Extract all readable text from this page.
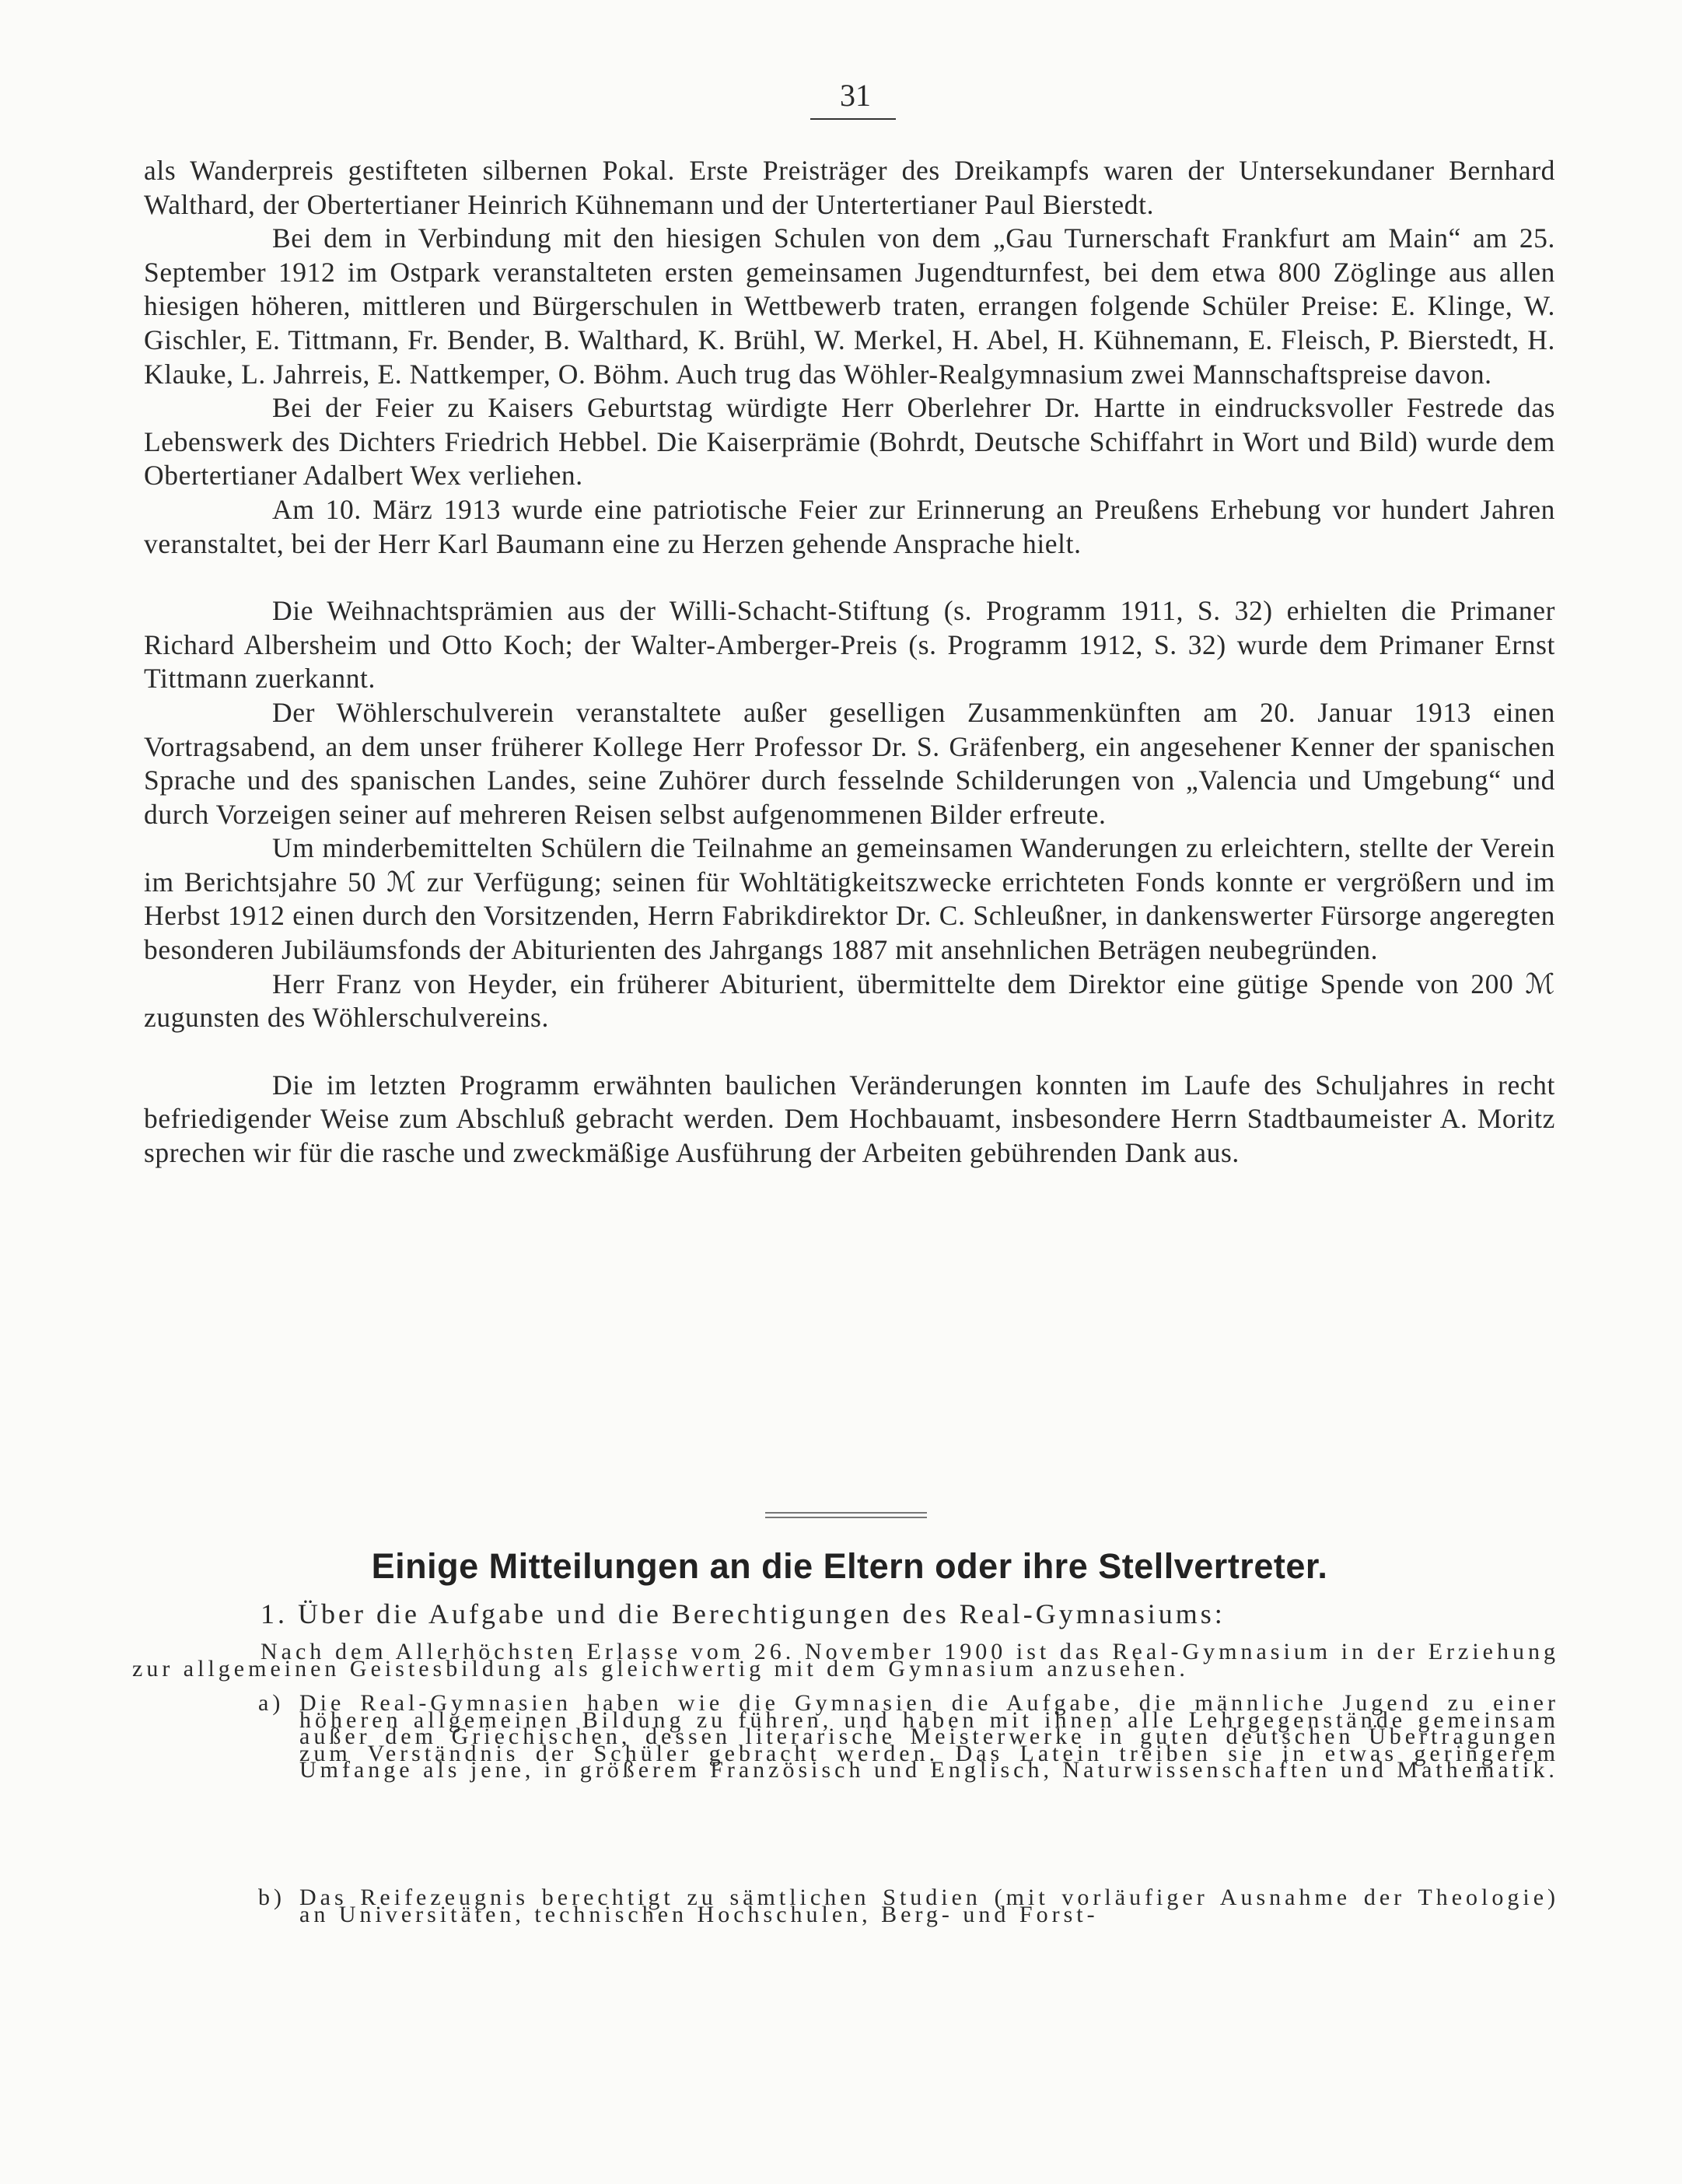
31

als Wanderpreis gestifteten silbernen Pokal. Erste Preisträger des Dreikampfs waren der Untersekundaner Bernhard Walthard, der Obertertianer Heinrich Kühnemann und der Untertertianer Paul Bierstedt.

Bei dem in Verbindung mit den hiesigen Schulen von dem „Gau Turnerschaft Frankfurt am Main“ am 25. September 1912 im Ostpark veranstalteten ersten gemeinsamen Jugendturnfest, bei dem etwa 800 Zöglinge aus allen hiesigen höheren, mittleren und Bürgerschulen in Wettbewerb traten, errangen folgende Schüler Preise: E. Klinge, W. Gischler, E. Tittmann, Fr. Bender, B. Walthard, K. Brühl, W. Merkel, H. Abel, H. Kühnemann, E. Fleisch, P. Bierstedt, H. Klauke, L. Jahrreis, E. Nattkemper, O. Böhm. Auch trug das Wöhler-Realgymnasium zwei Mannschaftspreise davon.

Bei der Feier zu Kaisers Geburtstag würdigte Herr Oberlehrer Dr. Hartte in eindrucksvoller Festrede das Lebenswerk des Dichters Friedrich Hebbel. Die Kaiserprämie (Bohrdt, Deutsche Schiffahrt in Wort und Bild) wurde dem Obertertianer Adalbert Wex verliehen.

Am 10. März 1913 wurde eine patriotische Feier zur Erinnerung an Preußens Erhebung vor hundert Jahren veranstaltet, bei der Herr Karl Baumann eine zu Herzen gehende Ansprache hielt.

Die Weihnachtsprämien aus der Willi-Schacht-Stiftung (s. Programm 1911, S. 32) erhielten die Primaner Richard Albersheim und Otto Koch; der Walter-Amberger-Preis (s. Programm 1912, S. 32) wurde dem Primaner Ernst Tittmann zuerkannt.

Der Wöhlerschulverein veranstaltete außer geselligen Zusammenkünften am 20. Januar 1913 einen Vortragsabend, an dem unser früherer Kollege Herr Professor Dr. S. Gräfenberg, ein angesehener Kenner der spanischen Sprache und des spanischen Landes, seine Zuhörer durch fesselnde Schilderungen von „Valencia und Umgebung“ und durch Vorzeigen seiner auf mehreren Reisen selbst aufgenommenen Bilder erfreute.

Um minderbemittelten Schülern die Teilnahme an gemeinsamen Wanderungen zu erleichtern, stellte der Verein im Berichtsjahre 50 ℳ zur Verfügung; seinen für Wohltätigkeitszwecke errichteten Fonds konnte er vergrößern und im Herbst 1912 einen durch den Vorsitzenden, Herrn Fabrikdirektor Dr. C. Schleußner, in dankenswerter Fürsorge angeregten besonderen Jubiläumsfonds der Abiturienten des Jahrgangs 1887 mit ansehnlichen Beträgen neubegründen.

Herr Franz von Heyder, ein früherer Abiturient, übermittelte dem Direktor eine gütige Spende von 200 ℳ zugunsten des Wöhlerschulvereins.

Die im letzten Programm erwähnten baulichen Veränderungen konnten im Laufe des Schuljahres in recht befriedigender Weise zum Abschluß gebracht werden. Dem Hochbauamt, insbesondere Herrn Stadtbaumeister A. Moritz sprechen wir für die rasche und zweckmäßige Ausführung der Arbeiten gebührenden Dank aus.

Einige Mitteilungen an die Eltern oder ihre Stellvertreter.
1. Über die Aufgabe und die Berechtigungen des Real-Gymnasiums:

Nach dem Allerhöchsten Erlasse vom 26. November 1900 ist das Real-Gymnasium in der Erziehung zur allgemeinen Geistesbildung als gleichwertig mit dem Gymnasium anzusehen.

a) Die Real-Gymnasien haben wie die Gymnasien die Aufgabe, die männliche Jugend zu einer höheren allgemeinen Bildung zu führen, und haben mit ihnen alle Lehrgegenstände gemeinsam außer dem Griechischen, dessen literarische Meisterwerke in guten deutschen Übertragungen zum Verständnis der Schüler gebracht werden. Das Latein treiben sie in etwas geringerem Umfange als jene, in größerem Französisch und Englisch, Naturwissenschaften und Mathematik.

b) Das Reifezeugnis berechtigt zu sämtlichen Studien (mit vorläufiger Ausnahme der Theologie) an Universitäten, technischen Hochschulen, Berg- und Forst-
